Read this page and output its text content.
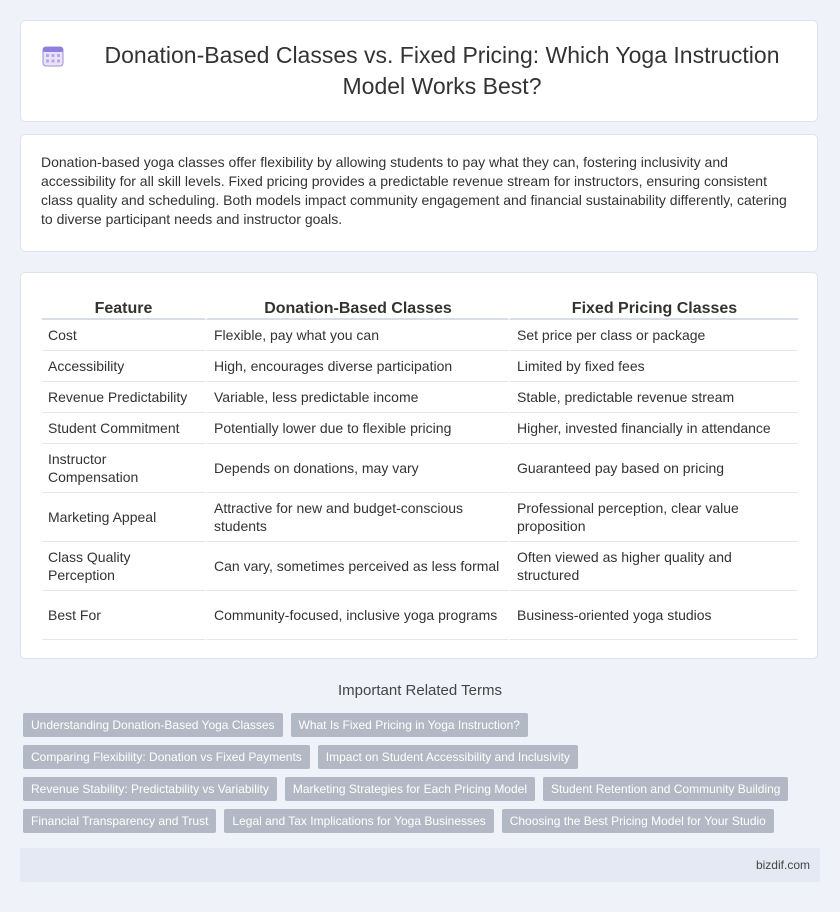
Donation-Based Classes vs. Fixed Pricing: Which Yoga Instruction Model Works Best?

Donation-based yoga classes offer flexibility by allowing students to pay what they can, fostering inclusivity and accessibility for all skill levels. Fixed pricing provides a predictable revenue stream for instructors, ensuring consistent class quality and scheduling. Both models impact community engagement and financial sustainability differently, catering to diverse participant needs and instructor goals.

Feature	Donation-Based Classes	Fixed Pricing Classes
Cost	Flexible, pay what you can	Set price per class or package
Accessibility	High, encourages diverse participation	Limited by fixed fees
Revenue Predictability	Variable, less predictable income	Stable, predictable revenue stream
Student Commitment	Potentially lower due to flexible pricing	Higher, invested financially in attendance
Instructor Compensation	Depends on donations, may vary	Guaranteed pay based on pricing
Marketing Appeal	Attractive for new and budget-conscious students	Professional perception, clear value proposition
Class Quality Perception	Can vary, sometimes perceived as less formal	Often viewed as higher quality and structured
Best For	Community-focused, inclusive yoga programs	Business-oriented yoga studios
Important Related Terms
Understanding Donation-Based Yoga Classes	What Is Fixed Pricing in Yoga Instruction?
Comparing Flexibility: Donation vs Fixed Payments	Impact on Student Accessibility and Inclusivity
Revenue Stability: Predictability vs Variability	Marketing Strategies for Each Pricing Model	Student Retention and Community Building
Financial Transparency and Trust	Legal and Tax Implications for Yoga Businesses	Choosing the Best Pricing Model for Your Studio
bizdif.com
